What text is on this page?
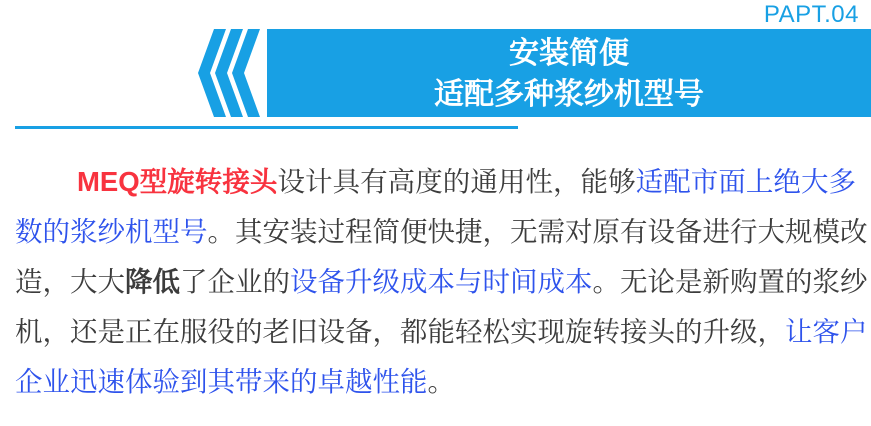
PAPT.04
安装简便
适配多种浆纱机型号
MEQ型旋转接头设计具有高度的通用性，能够适配市面上绝大多
数的浆纱机型号。其安装过程简便快捷，无需对原有设备进行大规模改
造，大大降低了企业的设备升级成本与时间成本。无论是新购置的浆纱
机，还是正在服役的老旧设备，都能轻松实现旋转接头的升级，让客户
企业迅速体验到其带来的卓越性能。
